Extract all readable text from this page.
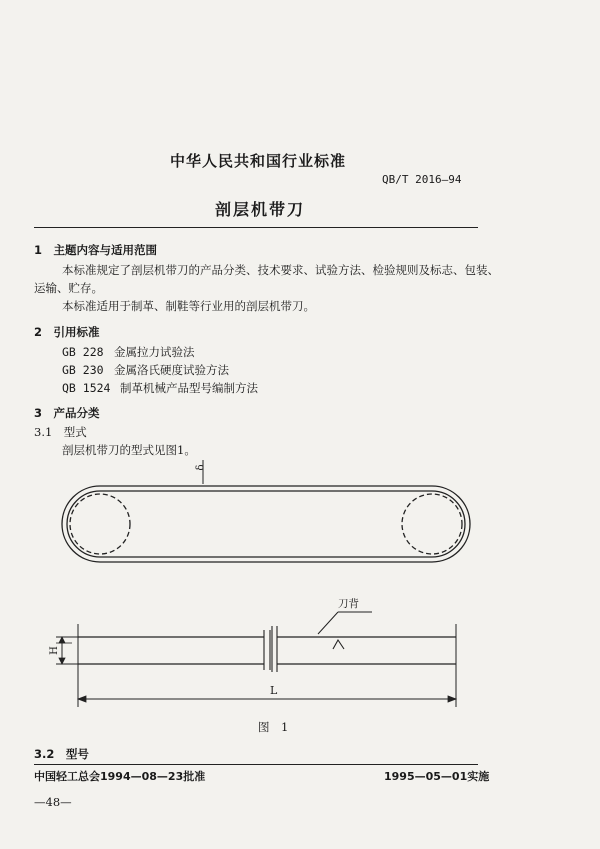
中华人民共和国行业标准
QB/T 2016—94
剖层机带刀
1　主题内容与适用范围
本标准规定了剖层机带刀的产品分类、技术要求、试验方法、检验规则及标志、包装、
运输、贮存。
本标准适用于制革、制鞋等行业用的剖层机带刀。
2　引用标准
GB 228 金属拉力试验法
GB 230 金属洛氏硬度试验方法
QB 1524 制革机械产品型号编制方法
3　产品分类
3.1　型式
剖层机带刀的型式见图1。
δ
刀背
H
L
图　1
3.2　型号
中国轻工总会1994—08—23批准	1995—05—01实施
—48—
